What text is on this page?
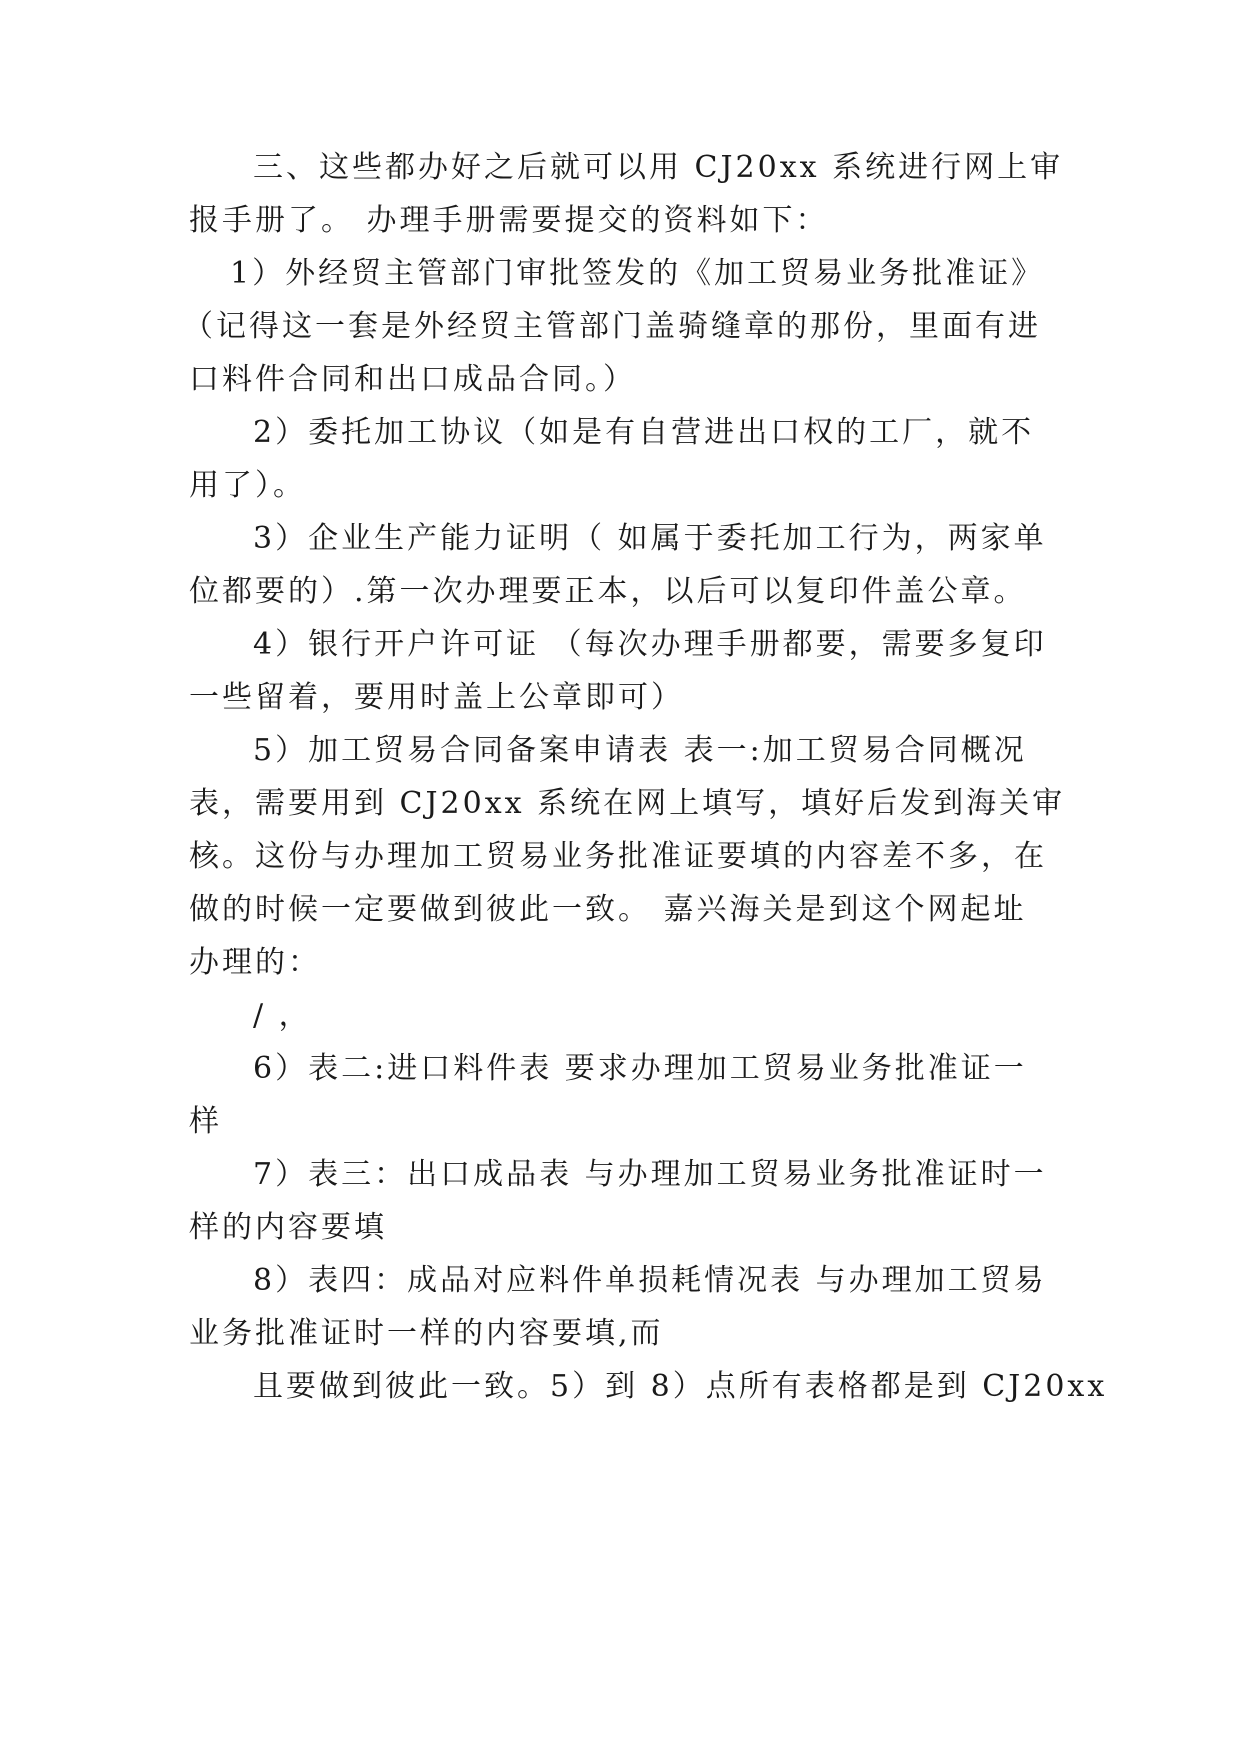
三、这些都办好之后就可以用 CJ20xx 系统进行网上审
报手册了。 办理手册需要提交的资料如下：
1）外经贸主管部门审批签发的《加工贸易业务批准证》
（记得这一套是外经贸主管部门盖骑缝章的那份，里面有进
口料件合同和出口成品合同。）
2）委托加工协议（如是有自营进出口权的工厂，就不
用了）。
3）企业生产能力证明（ 如属于委托加工行为，两家单
位都要的）.第一次办理要正本，以后可以复印件盖公章。
4）银行开户许可证 （每次办理手册都要，需要多复印
一些留着，要用时盖上公章即可）
5）加工贸易合同备案申请表 表一:加工贸易合同概况
表，需要用到 CJ20xx 系统在网上填写，填好后发到海关审
核。这份与办理加工贸易业务批准证要填的内容差不多，在
做的时候一定要做到彼此一致。 嘉兴海关是到这个网起址
办理的：
/ ，
6）表二:进口料件表 要求办理加工贸易业务批准证一
样
7）表三：出口成品表 与办理加工贸易业务批准证时一
样的内容要填
8）表四：成品对应料件单损耗情况表 与办理加工贸易
业务批准证时一样的内容要填,而
且要做到彼此一致。5）到 8）点所有表格都是到 CJ20xx
